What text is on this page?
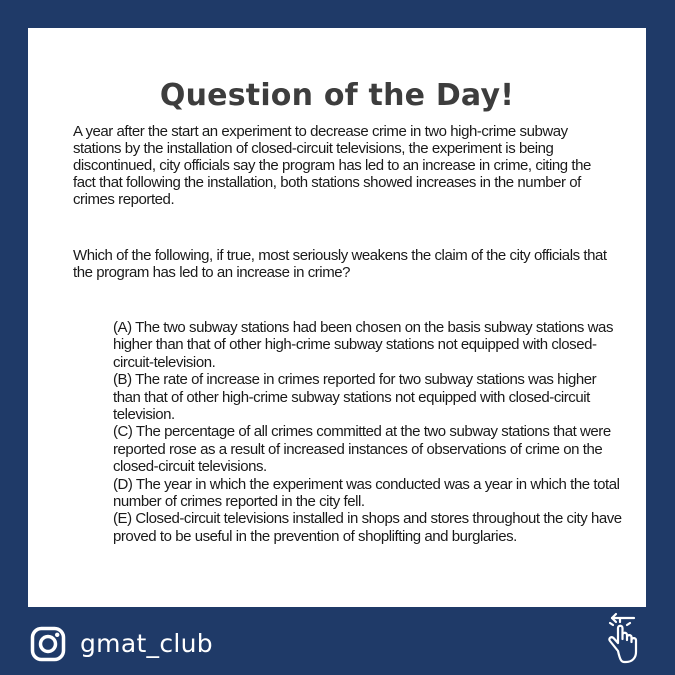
Question of the Day!

A year after the start an experiment to decrease crime in two high-crime subway stations by the installation of closed-circuit televisions, the experiment is being discontinued, city officials say the program has led to an increase in crime, citing the fact that following the installation, both stations showed increases in the number of crimes reported.

Which of the following, if true, most seriously weakens the claim of the city officials that the program has led to an increase in crime?

(A) The two subway stations had been chosen on the basis subway stations was higher than that of other high-crime subway stations not equipped with closed-circuit-television.

(B) The rate of increase in crimes reported for two subway stations was higher than that of other high-crime subway stations not equipped with closed-circuit television.

(C) The percentage of all crimes committed at the two subway stations that were reported rose as a result of increased instances of observations of crime on the closed-circuit televisions.

(D) The year in which the experiment was conducted was a year in which the total number of crimes reported in the city fell.

(E) Closed-circuit televisions installed in shops and stores throughout the city have proved to be useful in the prevention of shoplifting and burglaries.

gmat_club
